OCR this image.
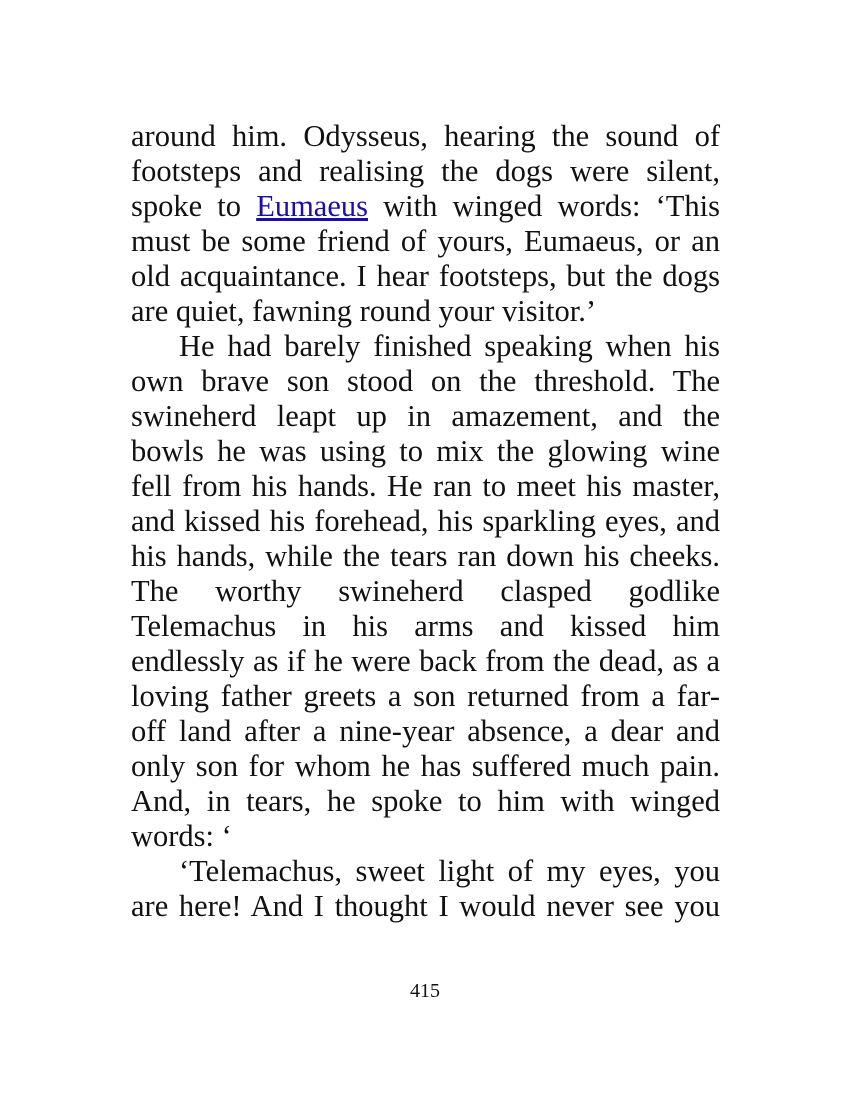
around him. Odysseus, hearing the sound of
footsteps and realising the dogs were silent,
spoke to Eumaeus with winged words: ‘This
must be some friend of yours, Eumaeus, or an
old acquaintance. I hear footsteps, but the dogs
are quiet, fawning round your visitor.’
He had barely finished speaking when his
own brave son stood on the threshold. The
swineherd leapt up in amazement, and the
bowls he was using to mix the glowing wine
fell from his hands. He ran to meet his master,
and kissed his forehead, his sparkling eyes, and
his hands, while the tears ran down his cheeks.
The worthy swineherd clasped godlike
Telemachus in his arms and kissed him
endlessly as if he were back from the dead, as a
loving father greets a son returned from a far-
off land after a nine-year absence, a dear and
only son for whom he has suffered much pain.
And, in tears, he spoke to him with winged
words: ‘
‘Telemachus, sweet light of my eyes, you
are here! And I thought I would never see you
415
